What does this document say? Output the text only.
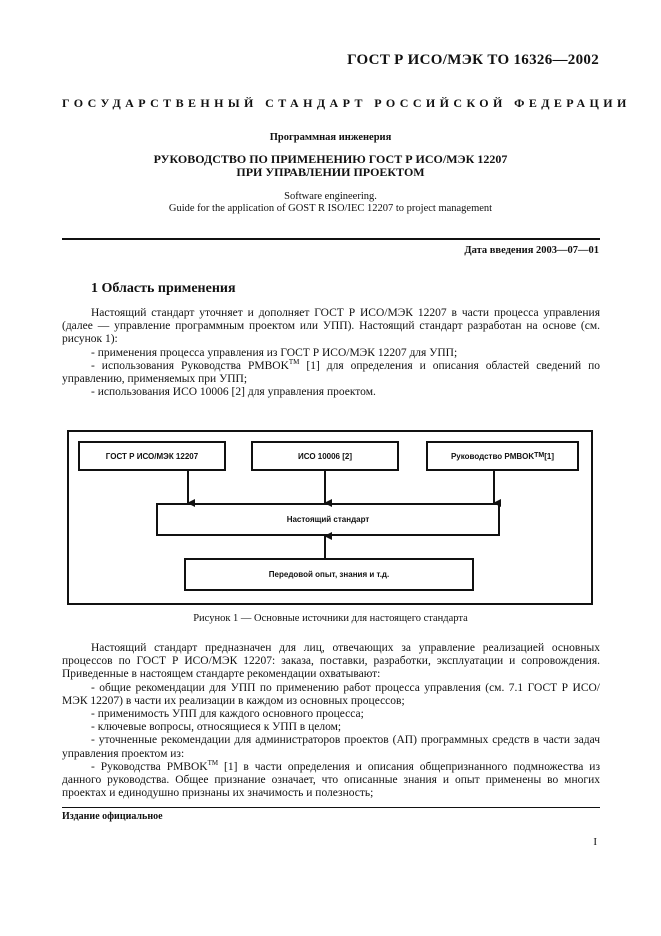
ГОСТ Р ИСО/МЭК ТО 16326—2002
ГОСУДАРСТВЕННЫЙ СТАНДАРТ РОССИЙСКОЙ ФЕДЕРАЦИИ
Программная инженерия
РУКОВОДСТВО ПО ПРИМЕНЕНИЮ ГОСТ Р ИСО/МЭК 12207
ПРИ УПРАВЛЕНИИ ПРОЕКТОМ
Software engineering.
Guide for the application of GOST R ISO/IEC 12207 to project management
Дата введения 2003—07—01
1 Область применения

Настоящий стандарт уточняет и дополняет ГОСТ Р ИСО/МЭК 12207 в части процесса управления (далее — управление программным проектом или УПП). Настоящий стандарт разработан на основе (см. рисунок 1):

- применения процесса управления из ГОСТ Р ИСО/МЭК 12207 для УПП;

- использования Руководства PMBOK™ [1] для определения и описания областей сведений по управлению, применяемых при УПП;

- использования ИСО 10006 [2] для управления проектом.

ГОСТ Р ИСО/МЭК 12207	ИСО 10006 [2]	Руководство PMBOK TM [1]
Настоящий стандарт
Передовой опыт, знания и т.д.
Рисунок 1 — Основные источники для настоящего стандарта

Настоящий стандарт предназначен для лиц, отвечающих за управление реализацией основных процессов по ГОСТ Р ИСО/МЭК 12207: заказа, поставки, разработки, эксплуатации и сопровождения. Приведенные в настоящем стандарте рекомендации охватывают:

- общие рекомендации для УПП по применению работ процесса управления (см. 7.1 ГОСТ Р ИСО/МЭК 12207) в части их реализации в каждом из основных процессов;

- применимость УПП для каждого основного процесса;

- ключевые вопросы, относящиеся к УПП в целом;

- уточненные рекомендации для администраторов проектов (АП) программных средств в части задач управления проектом из:

- Руководства PMBOK™ [1] в части определения и описания общепризнанного подмножества из данного руководства. Общее признание означает, что описанные знания и опыт применены во многих проектах и единодушно признаны их значимость и полезность;

Издание официальное
I
